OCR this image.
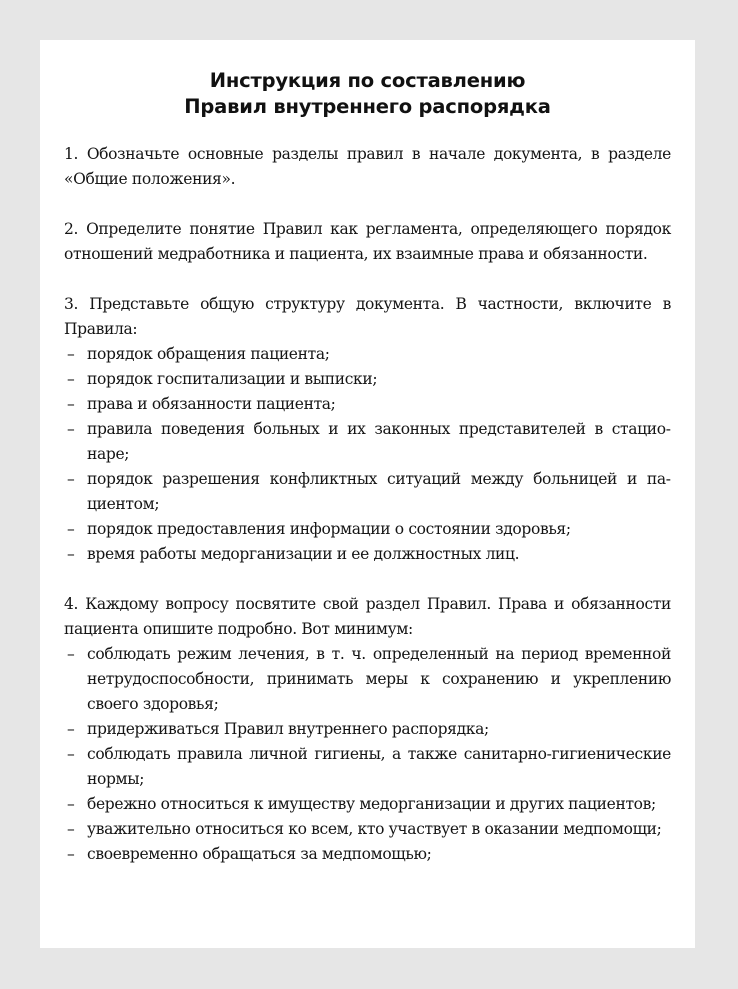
Инструкция по составлению
Правил внутреннего распорядка

1. Обозначьте основные разделы правил в начале документа, в разделе «Общие положения».

2. Определите понятие Правил как регламента, определяющего порядок отношений медработника и пациента, их взаимные права и обязанности.

3. Представьте общую структуру документа. В частности, включите в Правила:
– порядок обращения пациента;
– порядок госпитализации и выписки;
– права и обязанности пациента;
– правила поведения больных и их законных представителей в стационаре;
– порядок разрешения конфликтных ситуаций между больницей и пациентом;
– порядок предоставления информации о состоянии здоровья;
– время работы медорганизации и ее должностных лиц.
4. Каждому вопросу посвятите свой раздел Правил. Права и обязанности пациента опишите подробно. Вот минимум:
– соблюдать режим лечения, в т. ч. определенный на период временной нетрудоспособности, принимать меры к сохранению и укреплению своего здоровья;
– придерживаться Правил внутреннего распорядка;
– соблюдать правила личной гигиены, а также санитарно-гигиенические нормы;
– бережно относиться к имуществу медорганизации и других пациентов;
– уважительно относиться ко всем, кто участвует в оказании медпомощи;
– своевременно обращаться за медпомощью;
